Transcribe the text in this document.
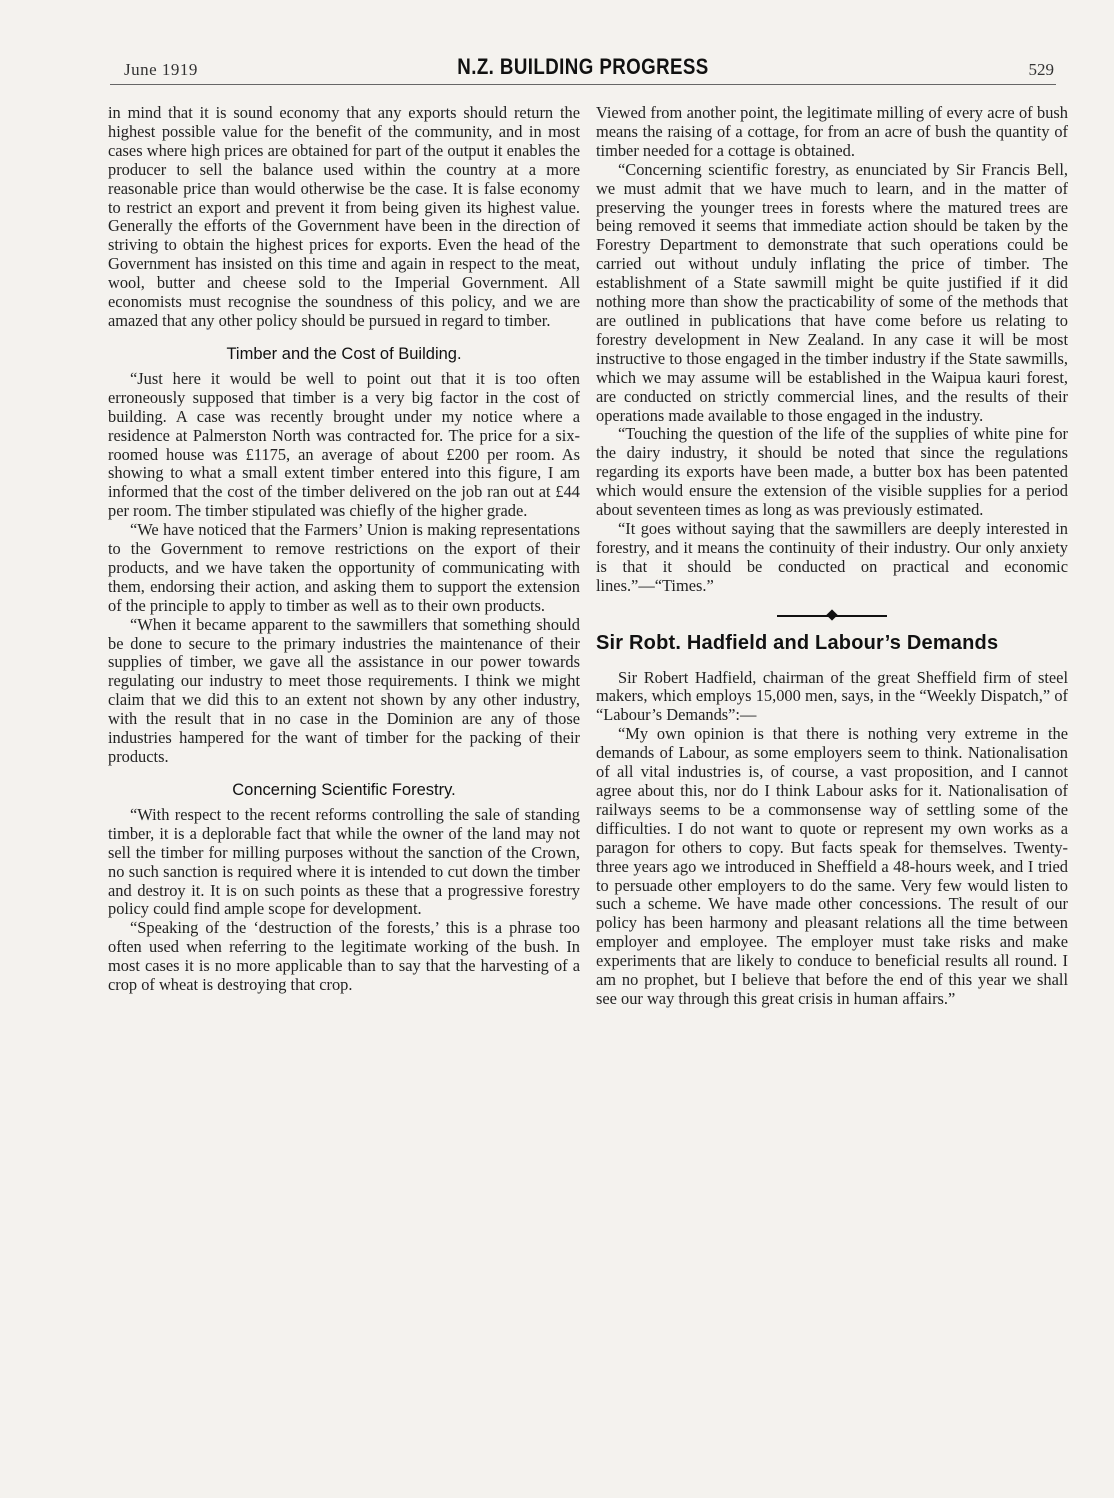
June 1919	N.Z. BUILDING PROGRESS	529

in mind that it is sound economy that any exports should return the highest possible value for the benefit of the community, and in most cases where high prices are obtained for part of the output it enables the producer to sell the balance used within the country at a more reasonable price than would otherwise be the case. It is false economy to restrict an export and prevent it from being given its highest value. Generally the efforts of the Government have been in the direction of striving to obtain the highest prices for exports. Even the head of the Government has insisted on this time and again in respect to the meat, wool, butter and cheese sold to the Imperial Government. All economists must recognise the soundness of this policy, and we are amazed that any other policy should be pursued in regard to timber.

Timber and the Cost of Building.

“Just here it would be well to point out that it is too often erroneously supposed that timber is a very big factor in the cost of building. A case was recently brought under my notice where a residence at Palmerston North was contracted for. The price for a six-roomed house was £1175, an average of about £200 per room. As showing to what a small extent timber entered into this figure, I am informed that the cost of the timber delivered on the job ran out at £44 per room. The timber stipulated was chiefly of the higher grade.

“We have noticed that the Farmers’ Union is making representations to the Government to remove restrictions on the export of their products, and we have taken the opportunity of communicating with them, endorsing their action, and asking them to support the extension of the principle to apply to timber as well as to their own products.

“When it became apparent to the sawmillers that something should be done to secure to the primary industries the maintenance of their supplies of timber, we gave all the assistance in our power towards regulating our industry to meet those requirements. I think we might claim that we did this to an extent not shown by any other industry, with the result that in no case in the Dominion are any of those industries hampered for the want of timber for the packing of their products.

Concerning Scientific Forestry.

“With respect to the recent reforms controlling the sale of standing timber, it is a deplorable fact that while the owner of the land may not sell the timber for milling purposes without the sanction of the Crown, no such sanction is required where it is intended to cut down the timber and destroy it. It is on such points as these that a progressive forestry policy could find ample scope for development.

“Speaking of the ‘destruction of the forests,’ this is a phrase too often used when referring to the legitimate working of the bush. In most cases it is no more applicable than to say that the harvesting of a crop of wheat is destroying that crop.

Viewed from another point, the legitimate milling of every acre of bush means the raising of a cottage, for from an acre of bush the quantity of timber needed for a cottage is obtained.

“Concerning scientific forestry, as enunciated by Sir Francis Bell, we must admit that we have much to learn, and in the matter of preserving the younger trees in forests where the matured trees are being removed it seems that immediate action should be taken by the Forestry Department to demonstrate that such operations could be carried out without unduly inflating the price of timber. The establishment of a State sawmill might be quite justified if it did nothing more than show the practicability of some of the methods that are outlined in publications that have come before us relating to forestry development in New Zealand. In any case it will be most instructive to those engaged in the timber industry if the State sawmills, which we may assume will be established in the Waipua kauri forest, are conducted on strictly commercial lines, and the results of their operations made available to those engaged in the industry.

“Touching the question of the life of the supplies of white pine for the dairy industry, it should be noted that since the regulations regarding its exports have been made, a butter box has been patented which would ensure the extension of the visible supplies for a period about seventeen times as long as was previously estimated.

“It goes without saying that the sawmillers are deeply interested in forestry, and it means the continuity of their industry. Our only anxiety is that it should be conducted on practical and economic lines.”—“Times.”

Sir Robt. Hadfield and Labour’s Demands

Sir Robert Hadfield, chairman of the great Sheffield firm of steel makers, which employs 15,000 men, says, in the “Weekly Dispatch,” of “Labour’s Demands”:—

“My own opinion is that there is nothing very extreme in the demands of Labour, as some employers seem to think. Nationalisation of all vital industries is, of course, a vast proposition, and I cannot agree about this, nor do I think Labour asks for it. Nationalisation of railways seems to be a commonsense way of settling some of the difficulties. I do not want to quote or represent my own works as a paragon for others to copy. But facts speak for themselves. Twenty-three years ago we introduced in Sheffield a 48-hours week, and I tried to persuade other employers to do the same. Very few would listen to such a scheme. We have made other concessions. The result of our policy has been harmony and pleasant relations all the time between employer and employee. The employer must take risks and make experiments that are likely to conduce to beneficial results all round. I am no prophet, but I believe that before the end of this year we shall see our way through this great crisis in human affairs.”
